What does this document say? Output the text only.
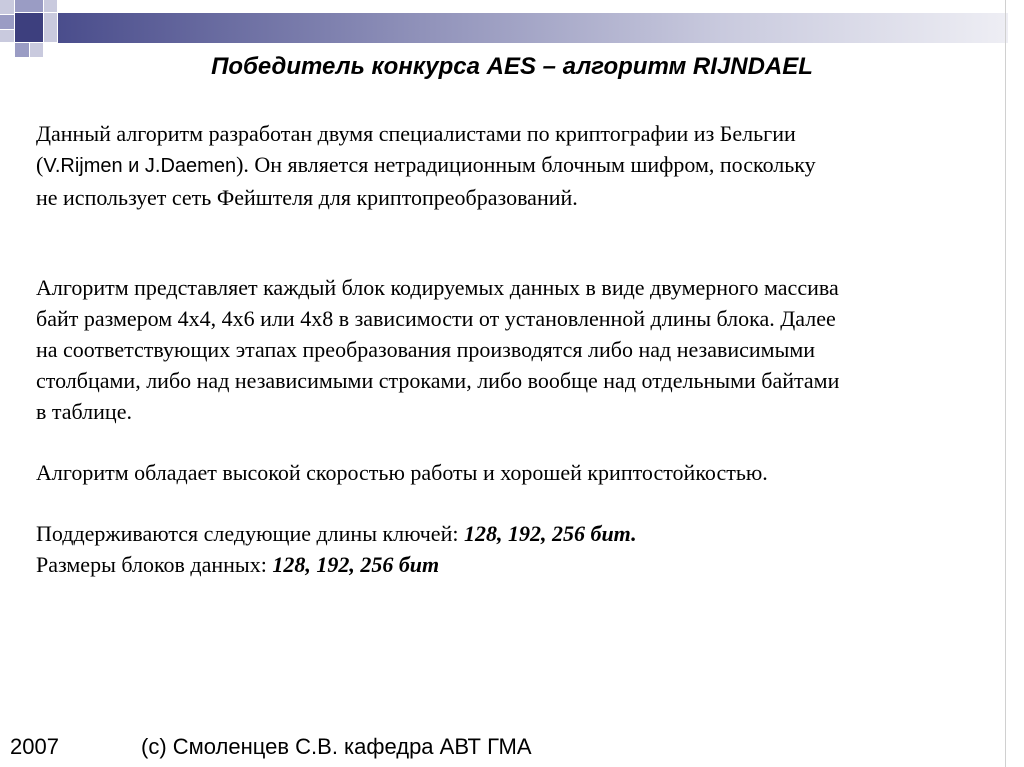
Победитель конкурса AES – алгоритм RIJNDAEL
Данный алгоритм разработан двумя специалистами по криптографии из Бельгии
(V.Rijmen и J.Daemen). Он является нетрадиционным блочным шифром, поскольку
не использует сеть Фейштеля для криптопреобразований.
Алгоритм представляет каждый блок кодируемых данных в виде двумерного массива
байт размером 4х4, 4х6 или 4х8 в зависимости от установленной длины блока. Далее
на соответствующих этапах преобразования производятся либо над независимыми
столбцами, либо над независимыми строками, либо вообще над отдельными байтами
в таблице.
Алгоритм обладает высокой скоростью работы и хорошей криптостойкостью.
Поддерживаются следующие длины ключей: 128, 192, 256 бит.
Размеры блоков данных: 128, 192, 256 бит
2007	(с) Смоленцев С.В. кафедра АВТ ГМА
